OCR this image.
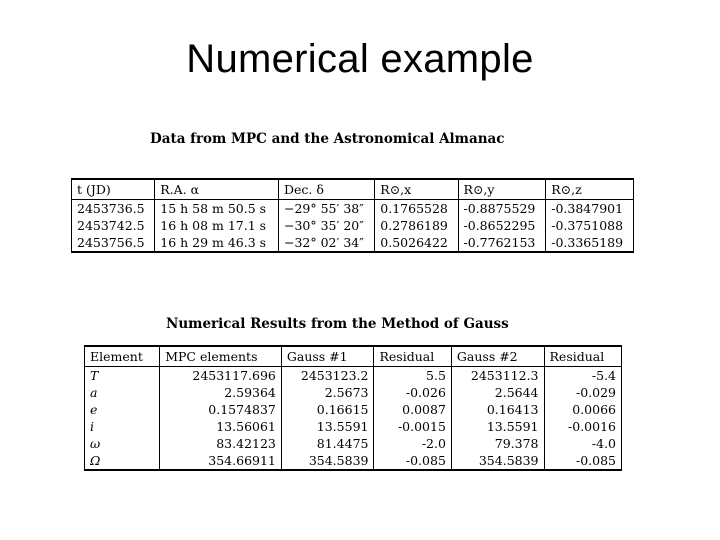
Numerical example
Data from MPC and the Astronomical Almanac
t (JD)	R.A. α	Dec. δ	R⊙,x	R⊙,y	R⊙,z
2453736.5	15 h 58 m 50.5 s	−29° 55′ 38″	0.1765528	-0.8875529	-0.3847901
2453742.5	16 h 08 m 17.1 s	−30° 35′ 20″	0.2786189	-0.8652295	-0.3751088
2453756.5	16 h 29 m 46.3 s	−32° 02′ 34″	0.5026422	-0.7762153	-0.3365189
Numerical Results from the Method of Gauss
Element	MPC elements	Gauss #1	Residual	Gauss #2	Residual
T	2453117.696	2453123.2	5.5	2453112.3	-5.4
a	2.59364	2.5673	-0.026	2.5644	-0.029
e	0.1574837	0.16615	0.0087	0.16413	0.0066
i	13.56061	13.5591	-0.0015	13.5591	-0.0016
ω	83.42123	81.4475	-2.0	79.378	-4.0
Ω	354.66911	354.5839	-0.085	354.5839	-0.085
